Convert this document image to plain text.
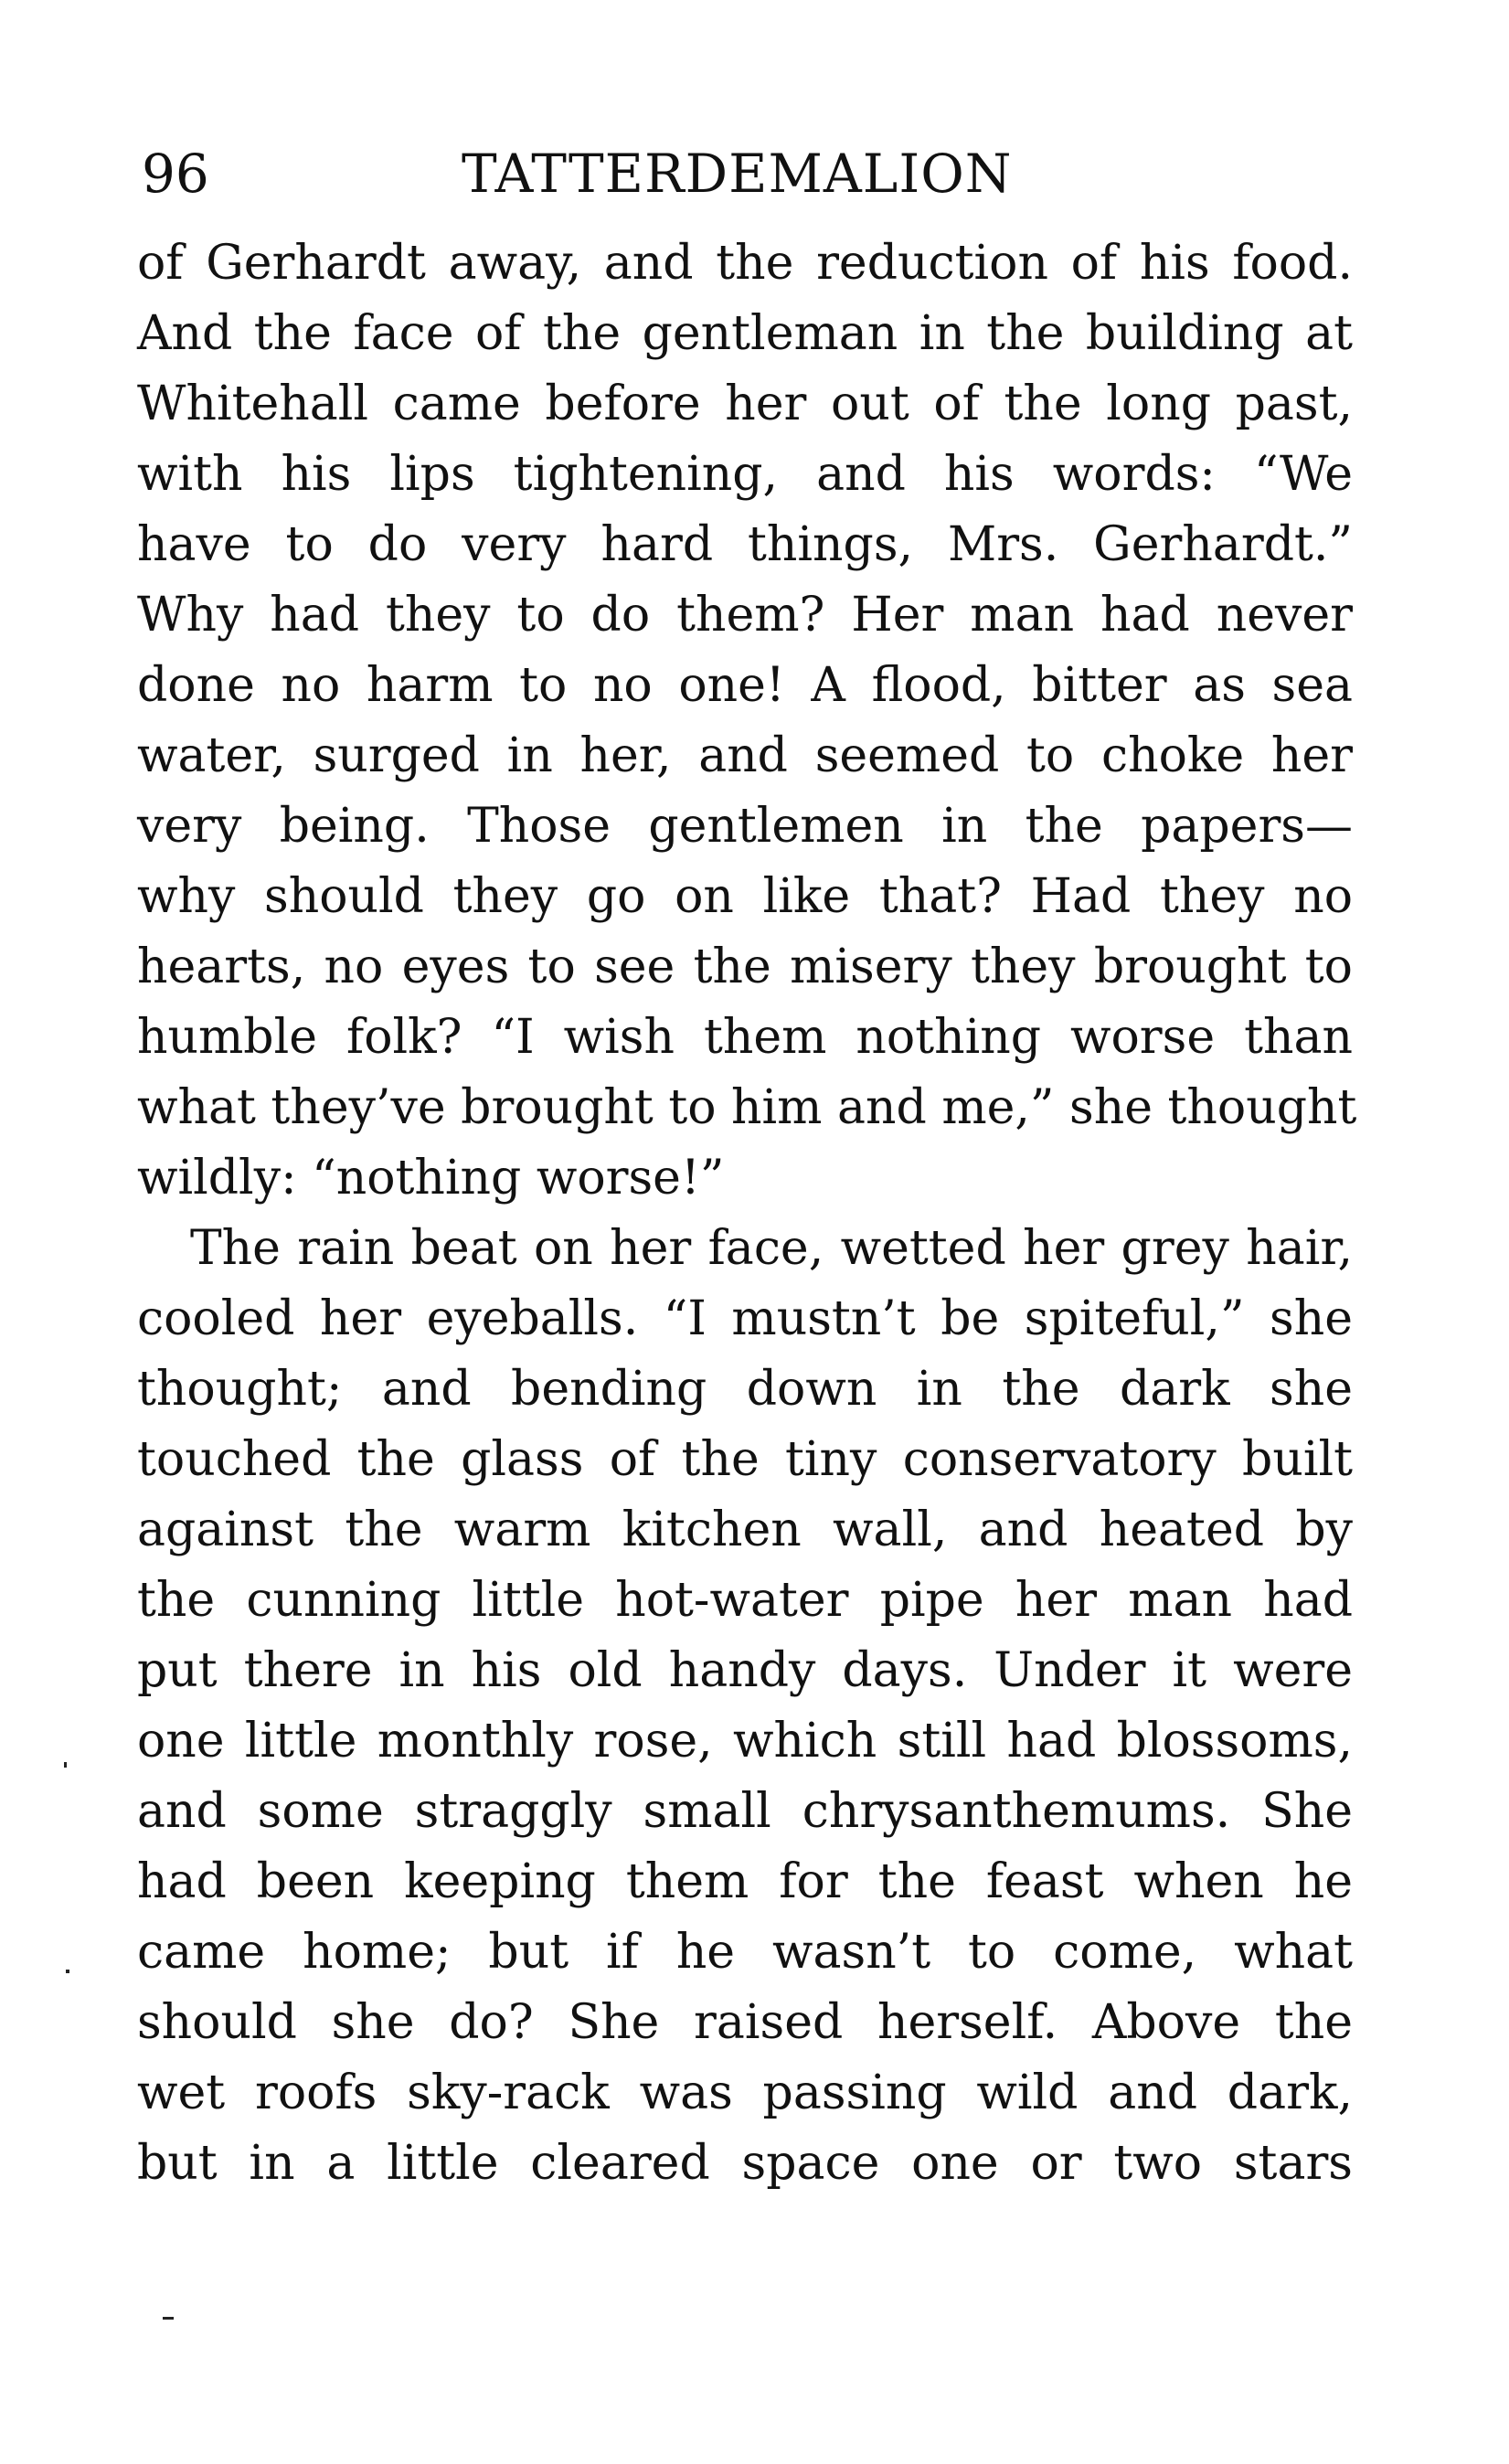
96	TATTERDEMALION
of Gerhardt away, and the reduction of his food.
And the face of the gentleman in the building at
Whitehall came before her out of the long past,
with his lips tightening, and his words: “We
have to do very hard things, Mrs. Gerhardt.”
Why had they to do them? Her man had never
done no harm to no one! A flood, bitter as sea
water, surged in her, and seemed to choke her
very being. Those gentlemen in the papers—
why should they go on like that? Had they no
hearts, no eyes to see the misery they brought to
humble folk? “I wish them nothing worse than
what they’ve brought to him and me,” she thought
wildly: “nothing worse!”
The rain beat on her face, wetted her grey hair,
cooled her eyeballs. “I mustn’t be spiteful,” she
thought; and bending down in the dark she
touched the glass of the tiny conservatory built
against the warm kitchen wall, and heated by
the cunning little hot-water pipe her man had
put there in his old handy days. Under it were
one little monthly rose, which still had blossoms,
and some straggly small chrysanthemums. She
had been keeping them for the feast when he
came home; but if he wasn’t to come, what
should she do? She raised herself. Above the
wet roofs sky-rack was passing wild and dark,
but in a little cleared space one or two stars
